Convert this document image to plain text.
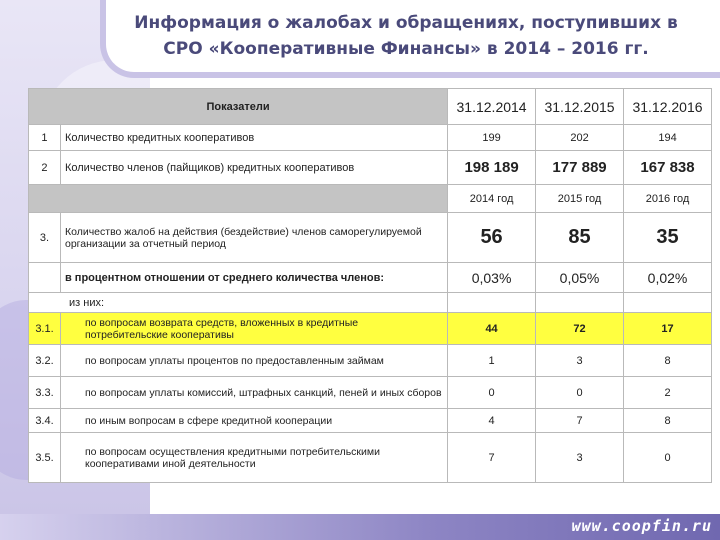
Информация о жалобах и обращениях, поступивших в
СРО «Кооперативные Финансы» в 2014 – 2016 гг.
Показатели		31.12.2014	31.12.2015	31.12.2016
1	Количество кредитных кооперативов	199	202	194
2	Количество членов (пайщиков) кредитных кооперативов	198 189	177 889	167 838
		2014 год	2015 год	2016 год
3.	Количество жалоб на действия (бездействие) членов саморегулируемой организации за отчетный период	56	85	35
	в процентном отношении от среднего количества членов:	0,03%	0,05%	0,02%
из них:				
3.1.	по вопросам возврата средств, вложенных в кредитные потребительские кооперативы	44	72	17
3.2.	по вопросам уплаты процентов по предоставленным займам	1	3	8
3.3.	по вопросам уплаты комиссий, штрафных санкций, пеней и иных сборов	0	0	2
3.4.	по иным вопросам в сфере кредитной кооперации	4	7	8
3.5.	по вопросам осуществления кредитными потребительскими кооперативами иной деятельности	7	3	0
www.coopfin.ru
